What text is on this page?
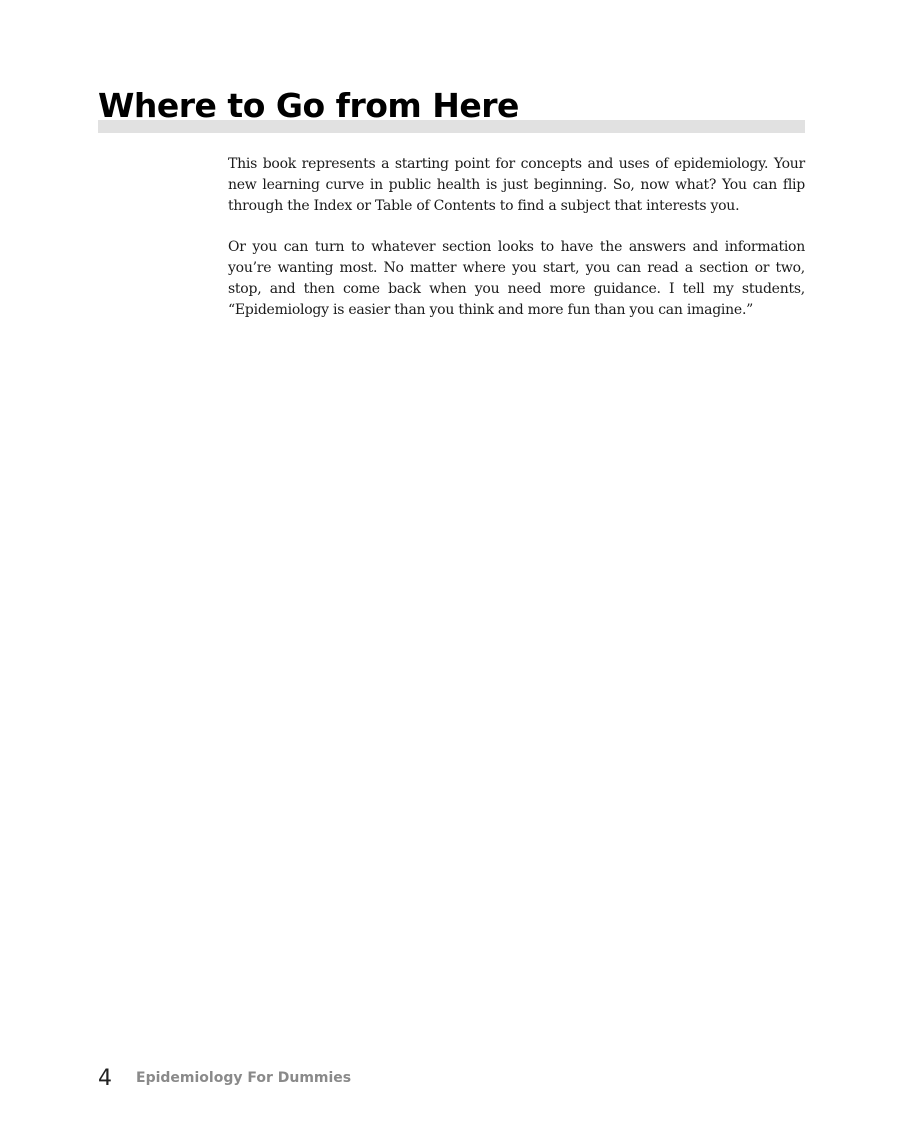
Where to Go from Here

This book represents a starting point for concepts and uses of epidemiology. Your new learning curve in public health is just beginning. So, now what? You can flip through the Index or Table of Contents to find a subject that interests you.

Or you can turn to whatever section looks to have the answers and information you’re wanting most. No matter where you start, you can read a section or two, stop, and then come back when you need more guidance. I tell my students, “Epidemiology is easier than you think and more fun than you can imagine.”

4	Epidemiology For Dummies
